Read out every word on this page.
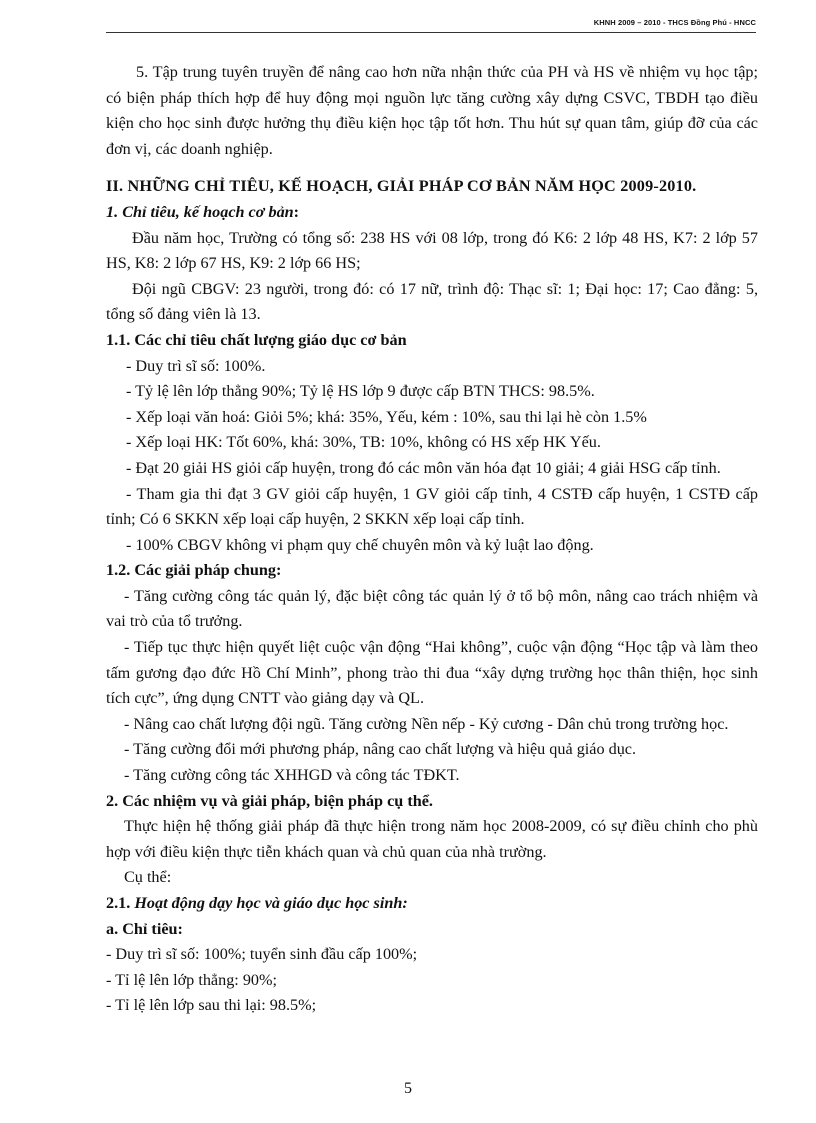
KHNH 2009 – 2010 - THCS Đồng Phú - HNCC

5. Tập trung tuyên truyền để nâng cao hơn nữa nhận thức của PH và HS về nhiệm vụ học tập; có biện pháp thích hợp để huy động mọi nguồn lực tăng cường xây dựng CSVC, TBDH tạo điều kiện cho học sinh được hưởng thụ điều kiện học tập tốt hơn. Thu hút sự quan tâm, giúp đỡ của các đơn vị, các doanh nghiệp.

II. NHỮNG CHỈ TIÊU, KẾ HOẠCH, GIẢI PHÁP CƠ BẢN NĂM HỌC 2009-2010.

1. Chỉ tiêu, kế hoạch cơ bản:

Đầu năm học, Trường có tổng số: 238 HS với 08 lớp, trong đó K6: 2 lớp 48 HS, K7: 2 lớp 57 HS, K8: 2 lớp 67 HS, K9: 2 lớp 66 HS;

Đội ngũ CBGV: 23 người, trong đó: có 17 nữ, trình độ: Thạc sĩ: 1; Đại học: 17; Cao đẳng: 5, tổng số đảng viên là 13.

1.1. Các chỉ tiêu chất lượng giáo dục cơ bản

- Duy trì sĩ số: 100%.

- Tỷ lệ lên lớp thẳng 90%; Tỷ lệ HS lớp 9 được cấp BTN THCS: 98.5%.

- Xếp loại văn hoá: Giỏi 5%; khá: 35%, Yếu, kém : 10%, sau thi lại hè còn 1.5%

- Xếp loại HK: Tốt 60%, khá: 30%, TB: 10%, không có HS xếp HK Yếu.

- Đạt 20 giải HS giỏi cấp huyện, trong đó các môn văn hóa đạt 10 giải; 4 giải HSG cấp tỉnh.

- Tham gia thi đạt 3 GV giỏi cấp huyện, 1 GV giỏi cấp tỉnh, 4 CSTĐ cấp huyện, 1 CSTĐ cấp tỉnh; Có 6 SKKN xếp loại cấp huyện, 2 SKKN xếp loại cấp tỉnh.

- 100% CBGV không vi phạm quy chế chuyên môn và kỷ luật lao động.

1.2. Các giải pháp chung:

- Tăng cường công tác quản lý, đặc biệt công tác quản lý ở tổ bộ môn, nâng cao trách nhiệm và vai trò của tổ trưởng.

- Tiếp tục thực hiện quyết liệt cuộc vận động “Hai không”, cuộc vận động “Học tập và làm theo tấm gương đạo đức Hồ Chí Minh”, phong trào thi đua “xây dựng trường học thân thiện, học sinh tích cực”, ứng dụng CNTT vào giảng dạy và QL.

- Nâng cao chất lượng đội ngũ. Tăng cường Nền nếp - Kỷ cương - Dân chủ trong trường học.

- Tăng cường đổi mới phương pháp, nâng cao chất lượng và hiệu quả giáo dục.

- Tăng cường công tác XHHGD và công tác TĐKT.

2. Các nhiệm vụ và giải pháp, biện pháp cụ thể.

Thực hiện hệ thống giải pháp đã thực hiện trong năm học 2008-2009, có sự điều chỉnh cho phù hợp với điều kiện thực tiễn khách quan và chủ quan của nhà trường.

Cụ thể:

2.1. Hoạt động dạy học và giáo dục học sinh:

a. Chỉ tiêu:

- Duy trì sĩ số: 100%; tuyển sinh đầu cấp 100%;

- Tỉ lệ lên lớp thẳng: 90%;

- Tỉ lệ lên lớp sau thi lại: 98.5%;

5
